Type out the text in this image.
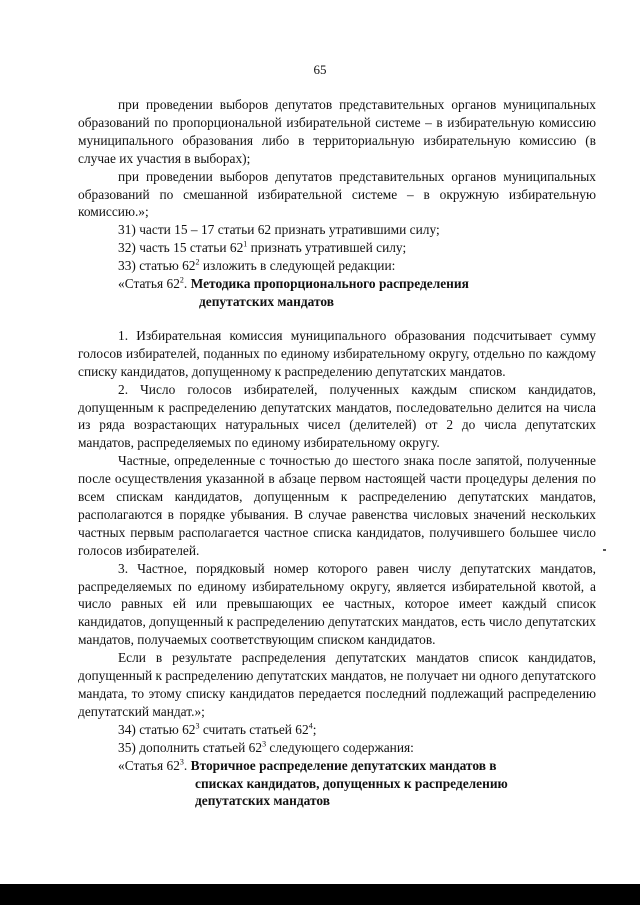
65

при проведении выборов депутатов представительных органов муниципальных образований по пропорциональной избирательной системе – в избирательную комиссию муниципального образования либо в территориальную избирательную комиссию (в случае их участия в выборах);

при проведении выборов депутатов представительных органов муниципальных образований по смешанной избирательной системе – в окружную избирательную комиссию.»;

31) части 15 – 17 статьи 62 признать утратившими силу;

32) часть 15 статьи $62^1$ признать утратившей силу;

33) статью $62^2$ изложить в следующей редакции:

«Статья $62^2$. Методика пропорционального распределения

депутатских мандатов

1. Избирательная комиссия муниципального образования подсчитывает сумму голосов избирателей, поданных по единому избирательному округу, отдельно по каждому списку кандидатов, допущенному к распределению депутатских мандатов.

2. Число голосов избирателей, полученных каждым списком кандидатов, допущенным к распределению депутатских мандатов, последовательно делится на числа из ряда возрастающих натуральных чисел (делителей) от 2 до числа депутатских мандатов, распределяемых по единому избирательному округу.

Частные, определенные с точностью до шестого знака после запятой, полученные после осуществления указанной в абзаце первом настоящей части процедуры деления по всем спискам кандидатов, допущенным к распределению депутатских мандатов, располагаются в порядке убывания. В случае равенства числовых значений нескольких частных первым располагается частное списка кандидатов, получившего большее число голосов избирателей.

3. Частное, порядковый номер которого равен числу депутатских мандатов, распределяемых по единому избирательному округу, является избирательной квотой, а число равных ей или превышающих ее частных, которое имеет каждый список кандидатов, допущенный к распределению депутатских мандатов, есть число депутатских мандатов, получаемых соответствующим списком кандидатов.

Если в результате распределения депутатских мандатов список кандидатов, допущенный к распределению депутатских мандатов, не получает ни одного депутатского мандата, то этому списку кандидатов передается последний подлежащий распределению депутатский мандат.»;

34) статью $62^3$ считать статьей $62^4$;

35) дополнить статьей $62^3$ следующего содержания:

«Статья $62^3$. Вторичное распределение депутатских мандатов в

списках кандидатов, допущенных к распределению

депутатских мандатов
